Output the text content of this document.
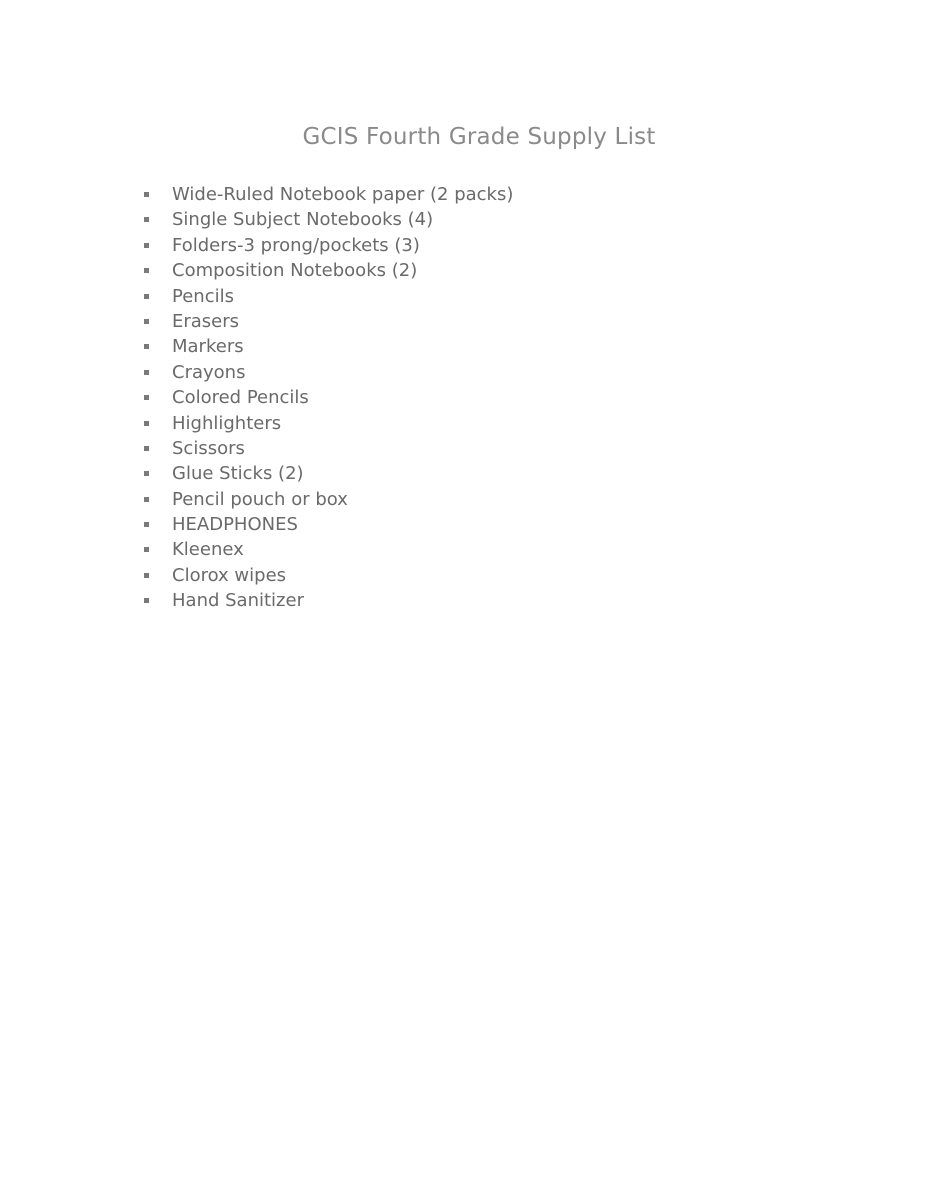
GCIS Fourth Grade Supply List
Wide-Ruled Notebook paper (2 packs)
Single Subject Notebooks (4)
Folders-3 prong/pockets (3)
Composition Notebooks (2)
Pencils
Erasers
Markers
Crayons
Colored Pencils
Highlighters
Scissors
Glue Sticks (2)
Pencil pouch or box
HEADPHONES
Kleenex
Clorox wipes
Hand Sanitizer
